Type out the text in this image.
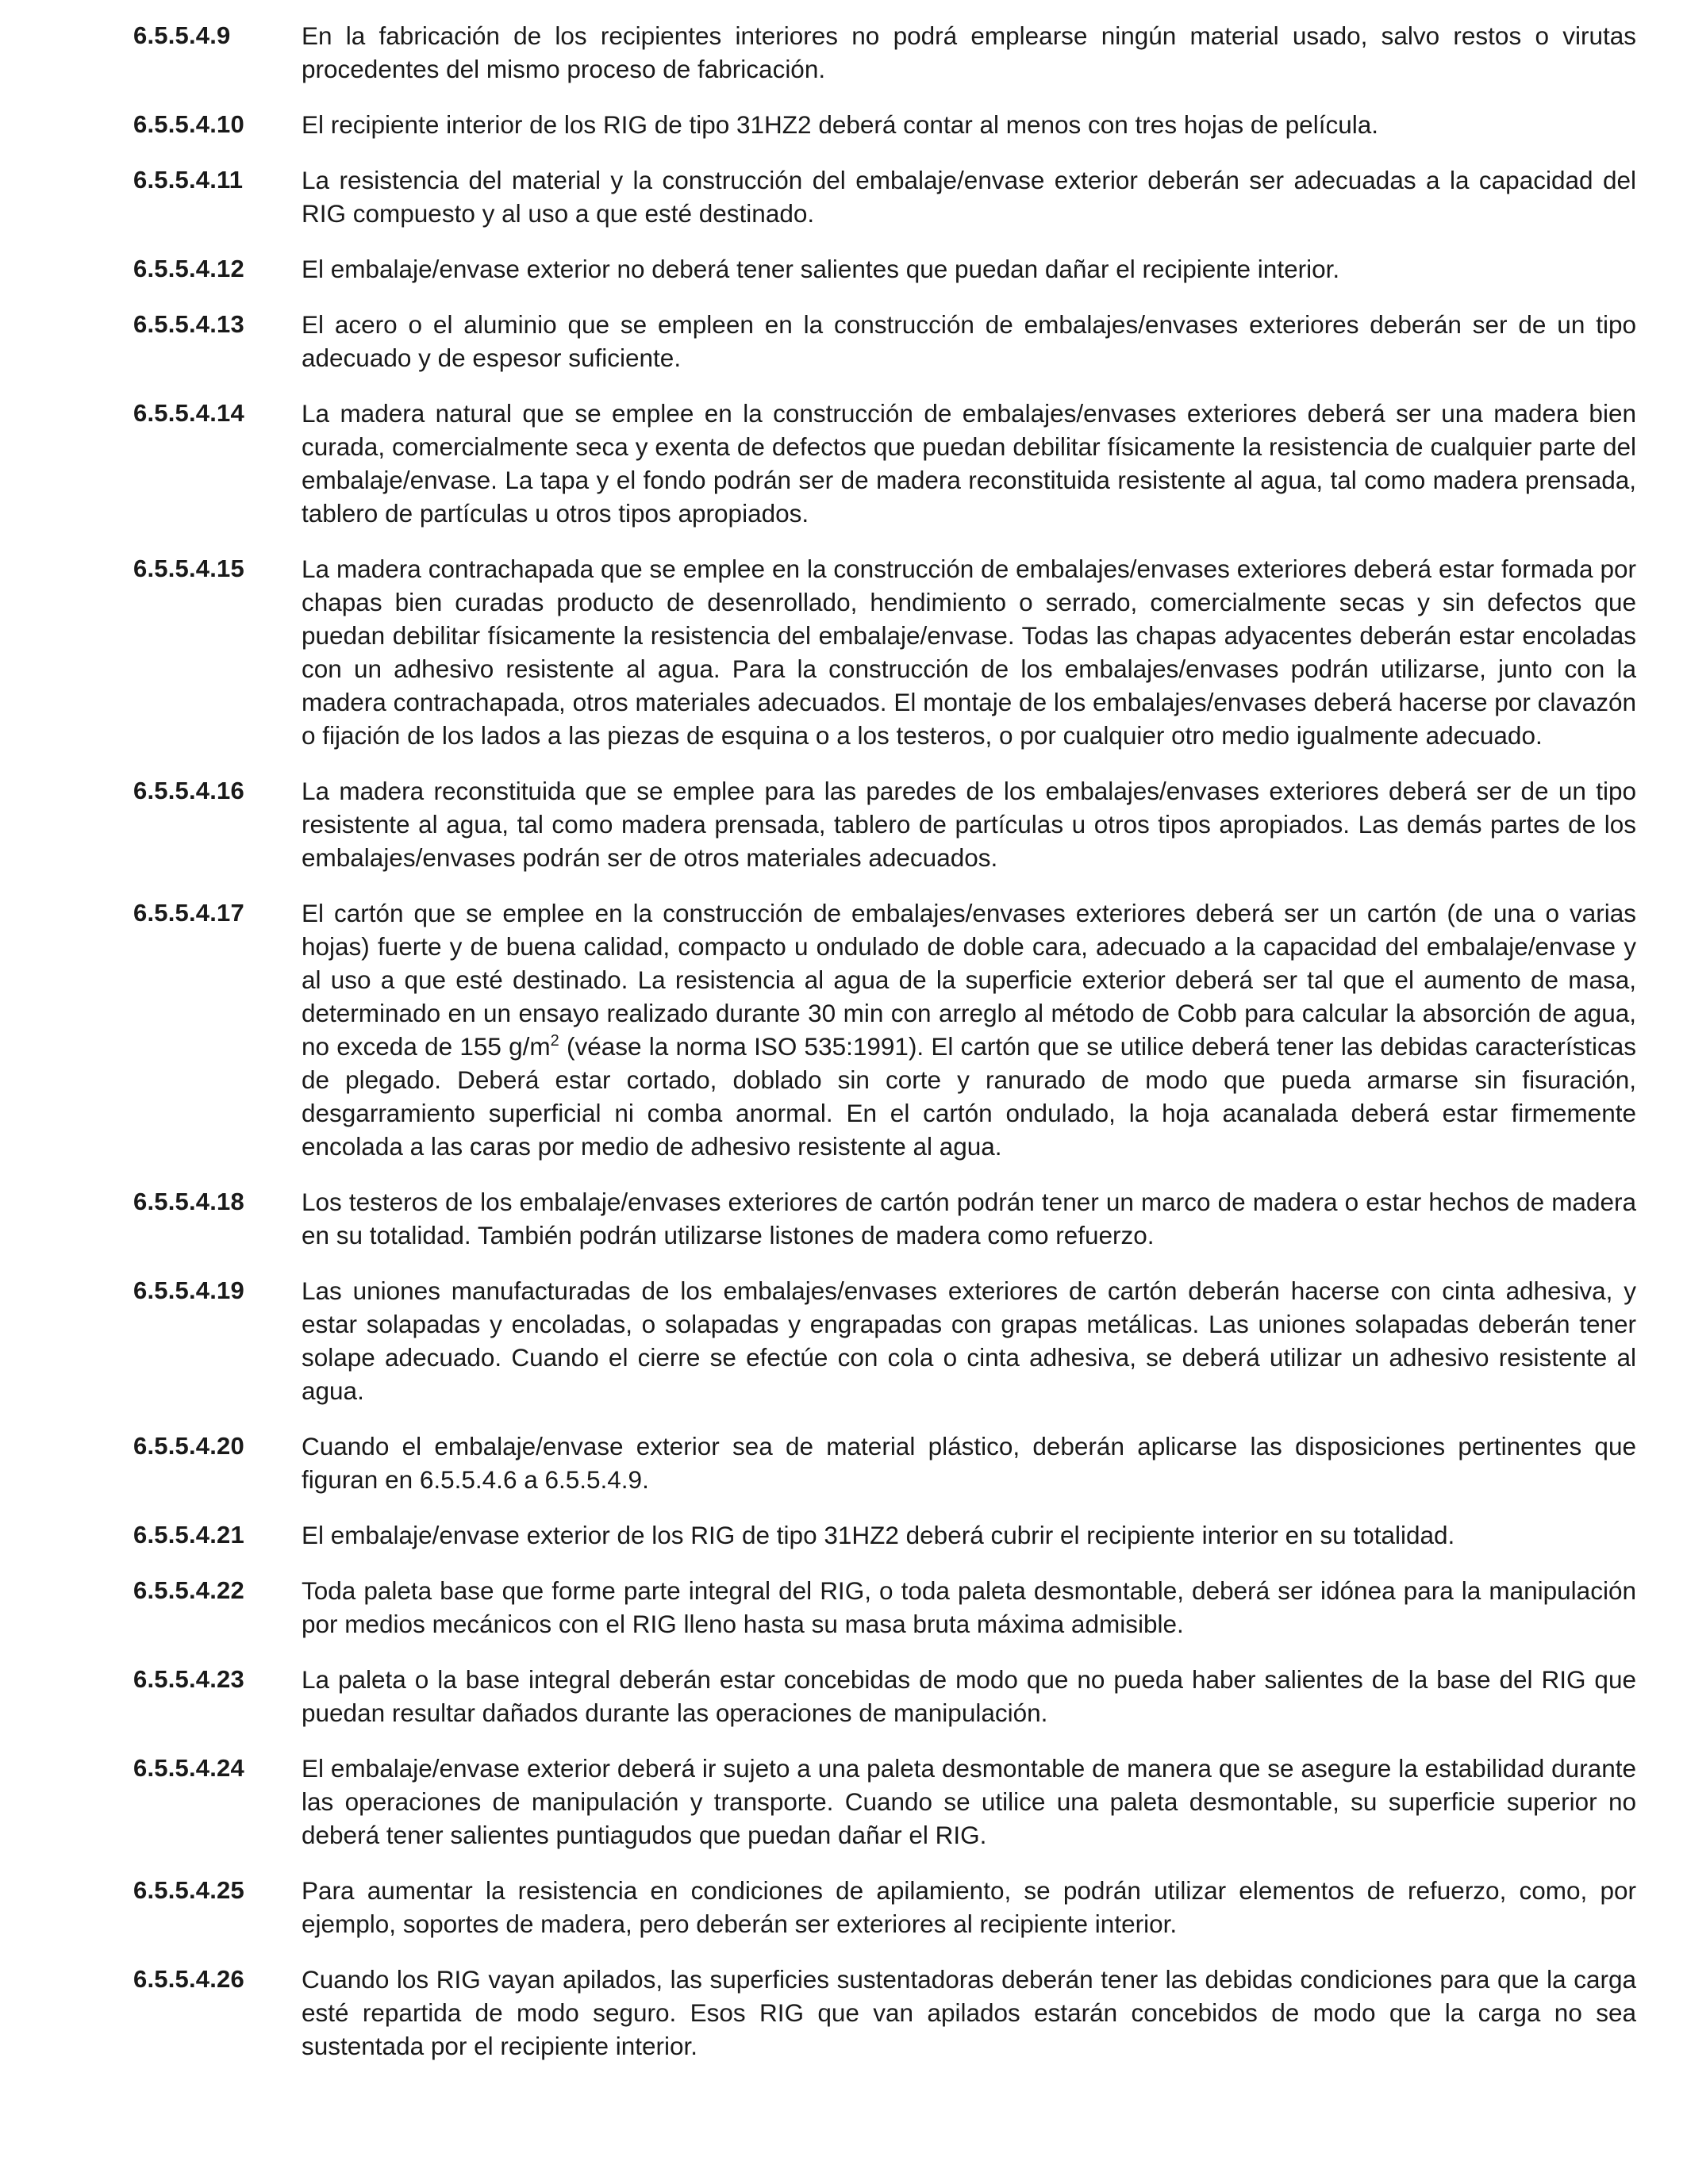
6.5.5.4.9	En la fabricación de los recipientes interiores no podrá emplearse ningún material usado, salvo restos o virutas procedentes del mismo proceso de fabricación.
6.5.5.4.10	El recipiente interior de los RIG de tipo 31HZ2 deberá contar al menos con tres hojas de película.
6.5.5.4.11	La resistencia del material y la construcción del embalaje/envase exterior deberán ser adecuadas a la capacidad del RIG compuesto y al uso a que esté destinado.
6.5.5.4.12	El embalaje/envase exterior no deberá tener salientes que puedan dañar el recipiente interior.
6.5.5.4.13	El acero o el aluminio que se empleen en la construcción de embalajes/envases exteriores deberán ser de un tipo adecuado y de espesor suficiente.
6.5.5.4.14	La madera natural que se emplee en la construcción de embalajes/envases exteriores deberá ser una madera bien curada, comercialmente seca y exenta de defectos que puedan debilitar físicamente la resistencia de cualquier parte del embalaje/envase. La tapa y el fondo podrán ser de madera reconstituida resistente al agua, tal como madera prensada, tablero de partículas u otros tipos apropiados.
6.5.5.4.15	La madera contrachapada que se emplee en la construcción de embalajes/envases exteriores deberá estar formada por chapas bien curadas producto de desenrollado, hendimiento o serrado, comercialmente secas y sin defectos que puedan debilitar físicamente la resistencia del embalaje/envase. Todas las chapas adyacentes deberán estar encoladas con un adhesivo resistente al agua. Para la construcción de los embalajes/envases podrán utilizarse, junto con la madera contrachapada, otros materiales adecuados. El montaje de los embalajes/envases deberá hacerse por clavazón o fijación de los lados a las piezas de esquina o a los testeros, o por cualquier otro medio igualmente adecuado.
6.5.5.4.16	La madera reconstituida que se emplee para las paredes de los embalajes/envases exteriores deberá ser de un tipo resistente al agua, tal como madera prensada, tablero de partículas u otros tipos apropiados. Las demás partes de los embalajes/envases podrán ser de otros materiales adecuados.
6.5.5.4.17	El cartón que se emplee en la construcción de embalajes/envases exteriores deberá ser un cartón (de una o varias hojas) fuerte y de buena calidad, compacto u ondulado de doble cara, adecuado a la capacidad del embalaje/envase y al uso a que esté destinado. La resistencia al agua de la superficie exterior deberá ser tal que el aumento de masa, determinado en un ensayo realizado durante 30 min con arreglo al método de Cobb para calcular la absorción de agua, no exceda de 155 $g/m^2$ (véase la norma ISO 535:1991). El cartón que se utilice deberá tener las debidas características de plegado. Deberá estar cortado, doblado sin corte y ranurado de modo que pueda armarse sin fisuración, desgarramiento superficial ni comba anormal. En el cartón ondulado, la hoja acanalada deberá estar firmemente encolada a las caras por medio de adhesivo resistente al agua.
6.5.5.4.18	Los testeros de los embalaje/envases exteriores de cartón podrán tener un marco de madera o estar hechos de madera en su totalidad. También podrán utilizarse listones de madera como refuerzo.
6.5.5.4.19	Las uniones manufacturadas de los embalajes/envases exteriores de cartón deberán hacerse con cinta adhesiva, y estar solapadas y encoladas, o solapadas y engrapadas con grapas metálicas. Las uniones solapadas deberán tener solape adecuado. Cuando el cierre se efectúe con cola o cinta adhesiva, se deberá utilizar un adhesivo resistente al agua.
6.5.5.4.20	Cuando el embalaje/envase exterior sea de material plástico, deberán aplicarse las disposiciones pertinentes que figuran en 6.5.5.4.6 a 6.5.5.4.9.
6.5.5.4.21	El embalaje/envase exterior de los RIG de tipo 31HZ2 deberá cubrir el recipiente interior en su totalidad.
6.5.5.4.22	Toda paleta base que forme parte integral del RIG, o toda paleta desmontable, deberá ser idónea para la manipulación por medios mecánicos con el RIG lleno hasta su masa bruta máxima admisible.
6.5.5.4.23	La paleta o la base integral deberán estar concebidas de modo que no pueda haber salientes de la base del RIG que puedan resultar dañados durante las operaciones de manipulación.
6.5.5.4.24	El embalaje/envase exterior deberá ir sujeto a una paleta desmontable de manera que se asegure la estabilidad durante las operaciones de manipulación y transporte. Cuando se utilice una paleta desmontable, su superficie superior no deberá tener salientes puntiagudos que puedan dañar el RIG.
6.5.5.4.25	Para aumentar la resistencia en condiciones de apilamiento, se podrán utilizar elementos de refuerzo, como, por ejemplo, soportes de madera, pero deberán ser exteriores al recipiente interior.
6.5.5.4.26	Cuando los RIG vayan apilados, las superficies sustentadoras deberán tener las debidas condiciones para que la carga esté repartida de modo seguro. Esos RIG que van apilados estarán concebidos de modo que la carga no sea sustentada por el recipiente interior.
